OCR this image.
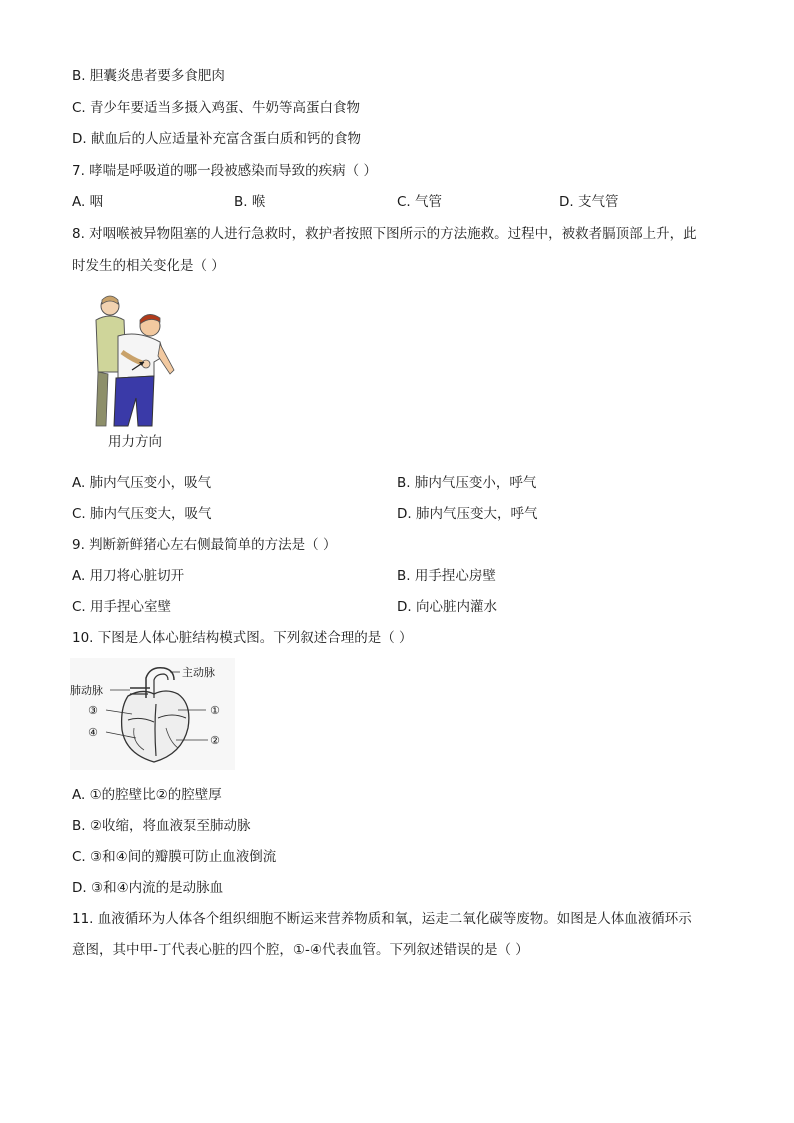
B. 胆囊炎患者要多食肥肉
C. 青少年要适当多摄入鸡蛋、牛奶等高蛋白食物
D. 献血后的人应适量补充富含蛋白质和钙的食物
7. 哮喘是呼吸道的哪一段被感染而导致的疾病（ ）
A. 咽	B. 喉	C. 气管	D. 支气管
8. 对咽喉被异物阻塞的人进行急救时，救护者按照下图所示的方法施救。过程中，被救者膈顶部上升，此
时发生的相关变化是（ ）
用力方向
A. 肺内气压变小，吸气	B. 肺内气压变小，呼气
C. 肺内气压变大，吸气	D. 肺内气压变大，呼气
9. 判断新鲜猪心左右侧最简单的方法是（ ）
A. 用刀将心脏切开	B. 用手捏心房壁
C. 用手捏心室壁	D. 向心脏内灌水
10. 下图是人体心脏结构模式图。下列叙述合理的是（ ）
主动脉
肺动脉
③
④
①
②
A. ①的腔壁比②的腔壁厚
B. ②收缩，将血液泵至肺动脉
C. ③和④间的瓣膜可防止血液倒流
D. ③和④内流的是动脉血
11. 血液循环为人体各个组织细胞不断运来营养物质和氧，运走二氧化碳等废物。如图是人体血液循环示
意图，其中甲-丁代表心脏的四个腔，①-④代表血管。下列叙述错误的是（ ）
